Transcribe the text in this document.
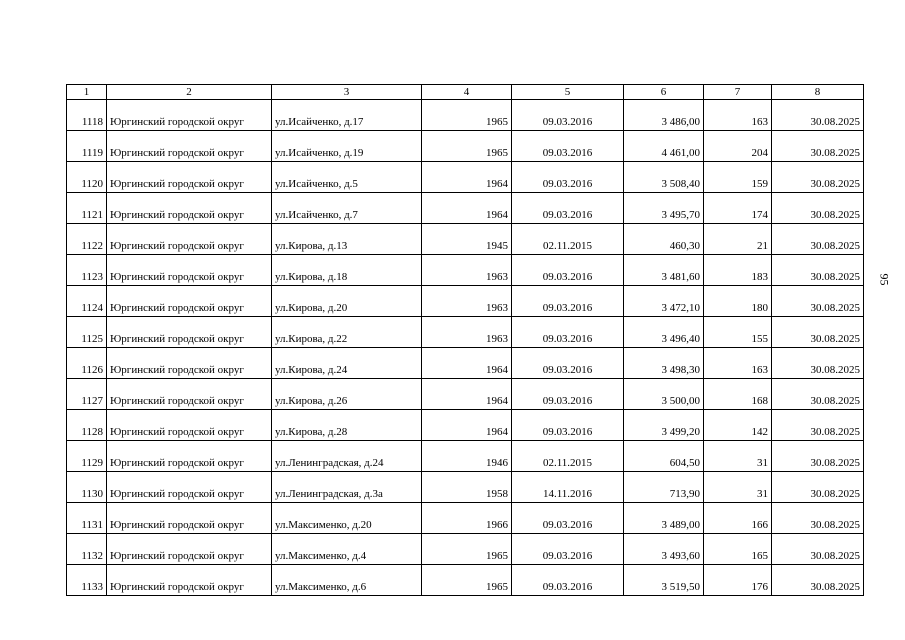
1	2	3	4	5	6	7	8
1118	Юргинский городской округ	ул.Исайченко, д.17	1965	09.03.2016	3 486,00	163	30.08.2025
1119	Юргинский городской округ	ул.Исайченко, д.19	1965	09.03.2016	4 461,00	204	30.08.2025
1120	Юргинский городской округ	ул.Исайченко, д.5	1964	09.03.2016	3 508,40	159	30.08.2025
1121	Юргинский городской округ	ул.Исайченко, д.7	1964	09.03.2016	3 495,70	174	30.08.2025
1122	Юргинский городской округ	ул.Кирова, д.13	1945	02.11.2015	460,30	21	30.08.2025
1123	Юргинский городской округ	ул.Кирова, д.18	1963	09.03.2016	3 481,60	183	30.08.2025
1124	Юргинский городской округ	ул.Кирова, д.20	1963	09.03.2016	3 472,10	180	30.08.2025
1125	Юргинский городской округ	ул.Кирова, д.22	1963	09.03.2016	3 496,40	155	30.08.2025
1126	Юргинский городской округ	ул.Кирова, д.24	1964	09.03.2016	3 498,30	163	30.08.2025
1127	Юргинский городской округ	ул.Кирова, д.26	1964	09.03.2016	3 500,00	168	30.08.2025
1128	Юргинский городской округ	ул.Кирова, д.28	1964	09.03.2016	3 499,20	142	30.08.2025
1129	Юргинский городской округ	ул.Ленинградская, д.24	1946	02.11.2015	604,50	31	30.08.2025
1130	Юргинский городской округ	ул.Ленинградская, д.3а	1958	14.11.2016	713,90	31	30.08.2025
1131	Юргинский городской округ	ул.Максименко, д.20	1966	09.03.2016	3 489,00	166	30.08.2025
1132	Юргинский городской округ	ул.Максименко, д.4	1965	09.03.2016	3 493,60	165	30.08.2025
1133	Юргинский городской округ	ул.Максименко, д.6	1965	09.03.2016	3 519,50	176	30.08.2025
95
